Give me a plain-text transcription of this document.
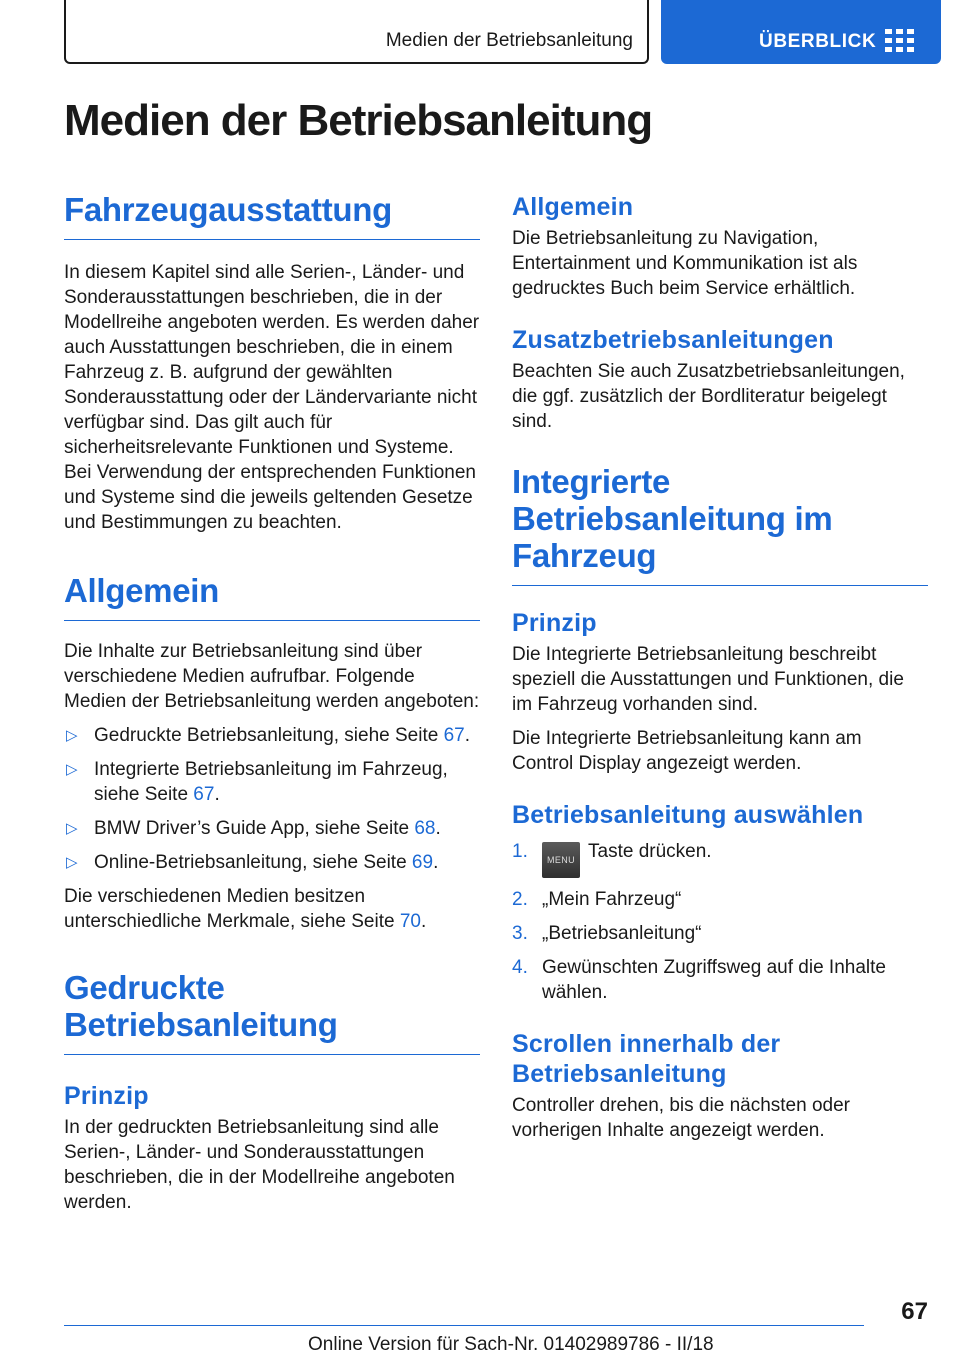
Medien der Betriebsanleitung	ÜBERBLICK
Medien der Betriebsanleitung
Fahrzeugausstattung

In diesem Kapitel sind alle Serien-, Länder- und Sonderausstattungen beschrieben, die in der Modellreihe angeboten werden. Es werden daher auch Ausstattungen beschrieben, die in einem Fahrzeug z. B. aufgrund der gewählten Sonderausstattung oder der Ländervariante nicht verfügbar sind. Das gilt auch für sicherheitsrelevante Funktionen und Systeme. Bei Verwendung der entsprechenden Funktionen und Systeme sind die jeweils geltenden Gesetze und Bestimmungen zu beachten.

Allgemein

Die Inhalte zur Betriebsanleitung sind über verschiedene Medien aufrufbar. Folgende Medien der Betriebsanleitung werden angeboten:

▷ Gedruckte Betriebsanleitung, siehe Seite 67.
▷ Integrierte Betriebsanleitung im Fahrzeug, siehe Seite 67.
▷ BMW Driver’s Guide App, siehe Seite 68.
▷ Online-Betriebsanleitung, siehe Seite 69.

Die verschiedenen Medien besitzen unterschiedliche Merkmale, siehe Seite 70.

Gedruckte Betriebsanleitung
Prinzip

In der gedruckten Betriebsanleitung sind alle Serien-, Länder- und Sonderausstattungen beschrieben, die in der Modellreihe angeboten werden.

Allgemein

Die Betriebsanleitung zu Navigation, Entertainment und Kommunikation ist als gedrucktes Buch beim Service erhältlich.

Zusatzbetriebsanleitungen

Beachten Sie auch Zusatzbetriebsanleitungen, die ggf. zusätzlich der Bordliteratur beigelegt sind.

Integrierte Betriebsanleitung im Fahrzeug
Prinzip

Die Integrierte Betriebsanleitung beschreibt speziell die Ausstattungen und Funktionen, die im Fahrzeug vorhanden sind.

Die Integrierte Betriebsanleitung kann am Control Display angezeigt werden.

Betriebsanleitung auswählen
1. MENU Taste drücken.
2. „Mein Fahrzeug“
3. „Betriebsanleitung“
4. Gewünschten Zugriffsweg auf die Inhalte wählen.
Scrollen innerhalb der Betriebsanleitung

Controller drehen, bis die nächsten oder vorherigen Inhalte angezeigt werden.

67
Online Version für Sach-Nr. 01402989786 - II/18
